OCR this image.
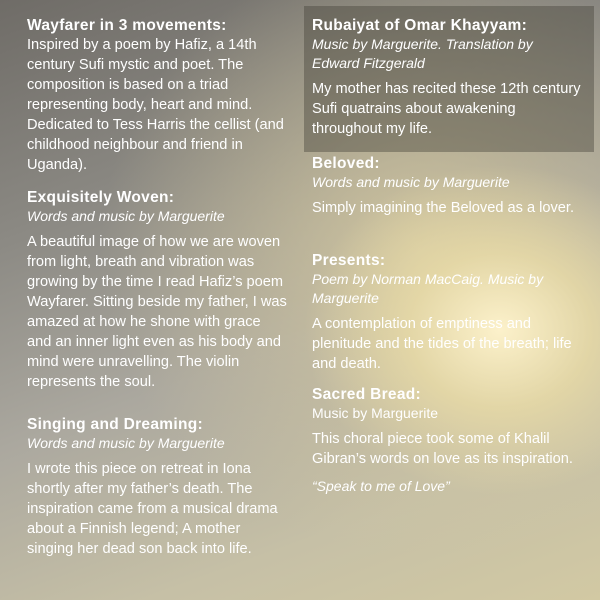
Wayfarer in 3 movements:
Inspired by a poem by Hafiz, a 14th century Sufi mystic and poet. The composition is based on a triad representing body, heart and mind. Dedicated to Tess Harris the cellist (and childhood neighbour and friend in Uganda).
Exquisitely Woven:
Words and music by Marguerite
A beautiful image of how we are woven from light, breath and vibration was growing by the time I read Hafiz’s poem Wayfarer. Sitting beside my father, I was amazed at how he shone with grace and an inner light even as his body and mind were unravelling. The violin represents the soul.
Singing and Dreaming:
Words and music by Marguerite
I wrote this piece on retreat in Iona shortly after my father’s death. The inspiration came from a musical drama about a Finnish legend; A mother singing her dead son back into life.
Rubaiyat of Omar Khayyam:
Music by Marguerite. Translation by Edward Fitzgerald
My mother has recited these 12th century Sufi quatrains about awakening throughout my life.
Beloved:
Words and music by Marguerite
Simply imagining the Beloved as a lover.
Presents:
Poem by Norman MacCaig. Music by Marguerite
A contemplation of emptiness and plenitude and the tides of the breath; life and death.
Sacred Bread:
Music by Marguerite
This choral piece took some of Khalil Gibran’s words on love as its inspiration.
“Speak to me of Love”
